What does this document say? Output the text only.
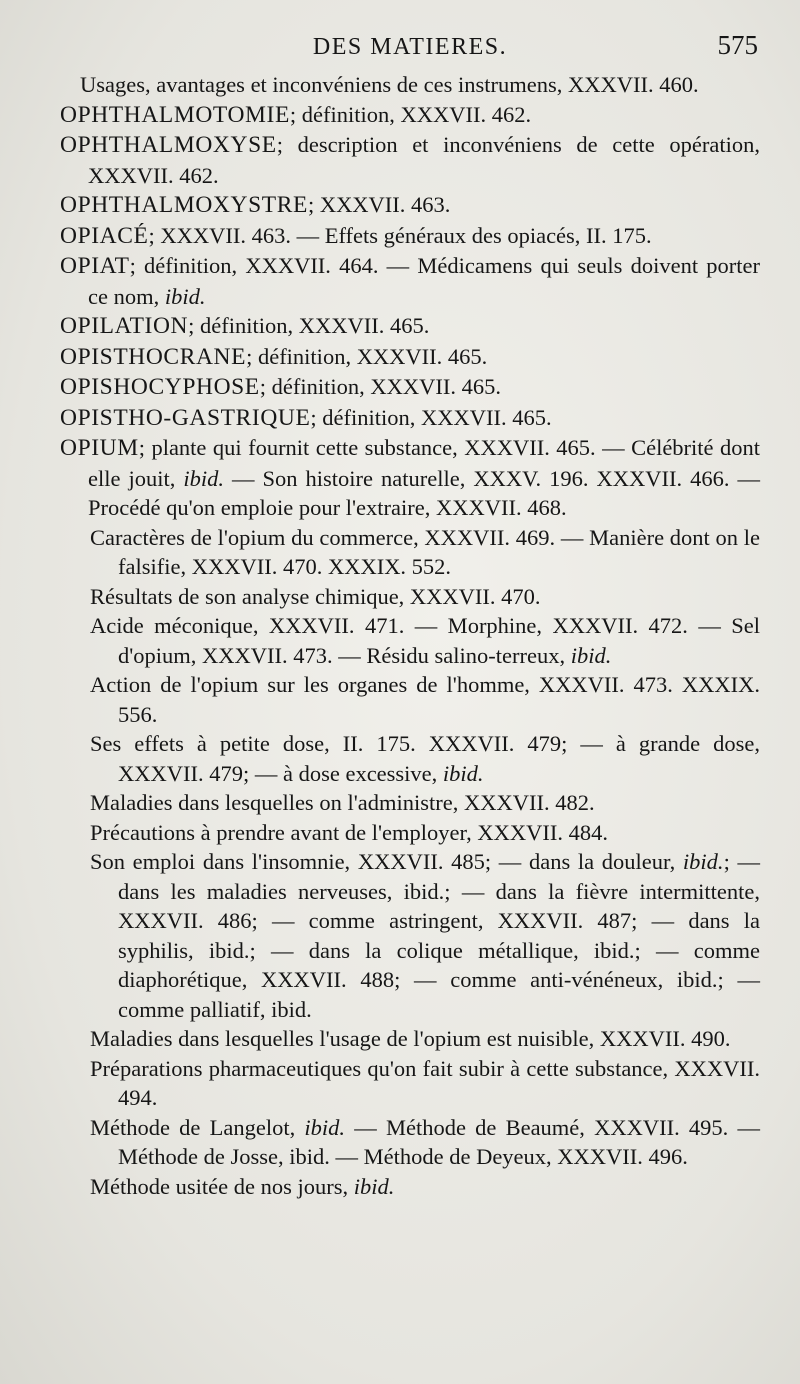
DES MATIERES.	575

Usages, avantages et inconvéniens de ces instrumens, XXXVII. 460.

OPHTHALMOTOMIE; définition, XXXVII. 462.

OPHTHALMOXYSE; description et inconvéniens de cette opération, XXXVII. 462.

OPHTHALMOXYSTRE; XXXVII. 463.

OPIACÉ; XXXVII. 463. — Effets généraux des opiacés, II. 175.

OPIAT; définition, XXXVII. 464. — Médicamens qui seuls doivent porter ce nom, ibid.

OPILATION; définition, XXXVII. 465.

OPISTHOCRANE; définition, XXXVII. 465.

OPISHOCYPHOSE; définition, XXXVII. 465.

OPISTHO-GASTRIQUE; définition, XXXVII. 465.

OPIUM; plante qui fournit cette substance, XXXVII. 465. — Célébrité dont elle jouit, ibid. — Son histoire naturelle, XXXV. 196. XXXVII. 466. — Procédé qu'on emploie pour l'extraire, XXXVII. 468.

Caractères de l'opium du commerce, XXXVII. 469. — Manière dont on le falsifie, XXXVII. 470. XXXIX. 552.

Résultats de son analyse chimique, XXXVII. 470.

Acide méconique, XXXVII. 471. — Morphine, XXXVII. 472. — Sel d'opium, XXXVII. 473. — Résidu salino-terreux, ibid.

Action de l'opium sur les organes de l'homme, XXXVII. 473. XXXIX. 556.

Ses effets à petite dose, II. 175. XXXVII. 479; — à grande dose, XXXVII. 479; — à dose excessive, ibid.

Maladies dans lesquelles on l'administre, XXXVII. 482.

Précautions à prendre avant de l'employer, XXXVII. 484.

Son emploi dans l'insomnie, XXXVII. 485; — dans la douleur, ibid.; — dans les maladies nerveuses, ibid.; — dans la fièvre intermittente, XXXVII. 486; — comme astringent, XXXVII. 487; — dans la syphilis, ibid.; — dans la colique métallique, ibid.; — comme diaphorétique, XXXVII. 488; — comme anti-vénéneux, ibid.; — comme palliatif, ibid.

Maladies dans lesquelles l'usage de l'opium est nuisible, XXXVII. 490.

Préparations pharmaceutiques qu'on fait subir à cette substance, XXXVII. 494.

Méthode de Langelot, ibid. — Méthode de Beaumé, XXXVII. 495. — Méthode de Josse, ibid. — Méthode de Deyeux, XXXVII. 496.

Méthode usitée de nos jours, ibid.
